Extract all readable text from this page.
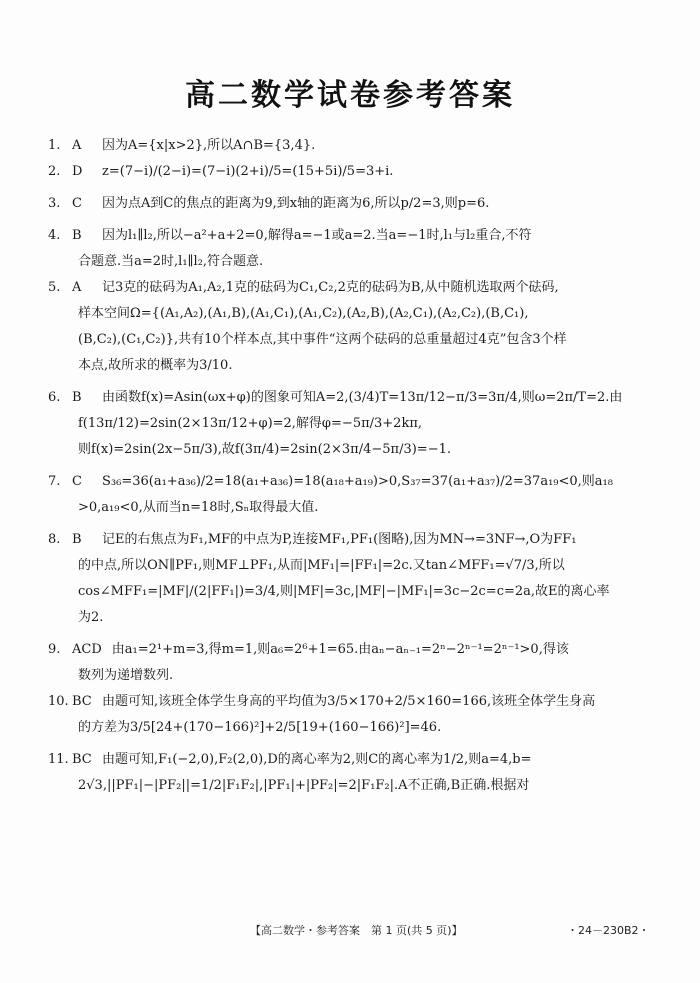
高二数学试卷参考答案
1. A 因为A={x|x>2},所以A∩B={3,4}.
2. D z=(7−i)/(2−i)=(7−i)(2+i)/5=(15+5i)/5=3+i.
3. C 因为点A到C的焦点的距离为9,到x轴的距离为6,所以p/2=3,则p=6.
4. B 因为l₁∥l₂,所以−a²+a+2=0,解得a=−1或a=2.当a=−1时,l₁与l₂重合,不符
合题意.当a=2时,l₁∥l₂,符合题意.
5. A 记3克的砝码为A₁,A₂,1克的砝码为C₁,C₂,2克的砝码为B,从中随机选取两个砝码,
样本空间Ω={(A₁,A₂),(A₁,B),(A₁,C₁),(A₁,C₂),(A₂,B),(A₂,C₁),(A₂,C₂),(B,C₁),
(B,C₂),(C₁,C₂)},共有10个样本点,其中事件“这两个砝码的总重量超过4克”包含3个样
本点,故所求的概率为3/10.
6. B 由函数f(x)=Asin(ωx+φ)的图象可知A=2,(3/4)T=13π/12−π/3=3π/4,则ω=2π/T=2.由
f(13π/12)=2sin(2×13π/12+φ)=2,解得φ=−5π/3+2kπ,
则f(x)=2sin(2x−5π/3),故f(3π/4)=2sin(2×3π/4−5π/3)=−1.
7. C S₃₆=36(a₁+a₃₆)/2=18(a₁+a₃₆)=18(a₁₈+a₁₉)>0,S₃₇=37(a₁+a₃₇)/2=37a₁₉<0,则a₁₈
>0,a₁₉<0,从而当n=18时,Sₙ取得最大值.
8. B 记E的右焦点为F₁,MF的中点为P,连接MF₁,PF₁(图略),因为MN→=3NF→,O为FF₁
的中点,所以ON∥PF₁,则MF⊥PF₁,从而|MF₁|=|FF₁|=2c.又tan∠MFF₁=√7/3,所以
cos∠MFF₁=|MF|/(2|FF₁|)=3/4,则|MF|=3c,|MF|−|MF₁|=3c−2c=c=2a,故E的离心率
为2.
9. ACD 由a₁=2¹+m=3,得m=1,则a₆=2⁶+1=65.由aₙ−aₙ₋₁=2ⁿ−2ⁿ⁻¹=2ⁿ⁻¹>0,得该
数列为递增数列.
10. BC 由题可知,该班全体学生身高的平均值为3/5×170+2/5×160=166,该班全体学生身高
的方差为3/5[24+(170−166)²]+2/5[19+(160−166)²]=46.
11. BC 由题可知,F₁(−2,0),F₂(2,0),D的离心率为2,则C的离心率为1/2,则a=4,b=
2√3,||PF₁|−|PF₂||=1/2|F₁F₂|,|PF₁|+|PF₂|=2|F₁F₂|.A不正确,B正确.根据对
【高二数学・参考答案　第 1 页(共 5 页)】	・24－230B2・
